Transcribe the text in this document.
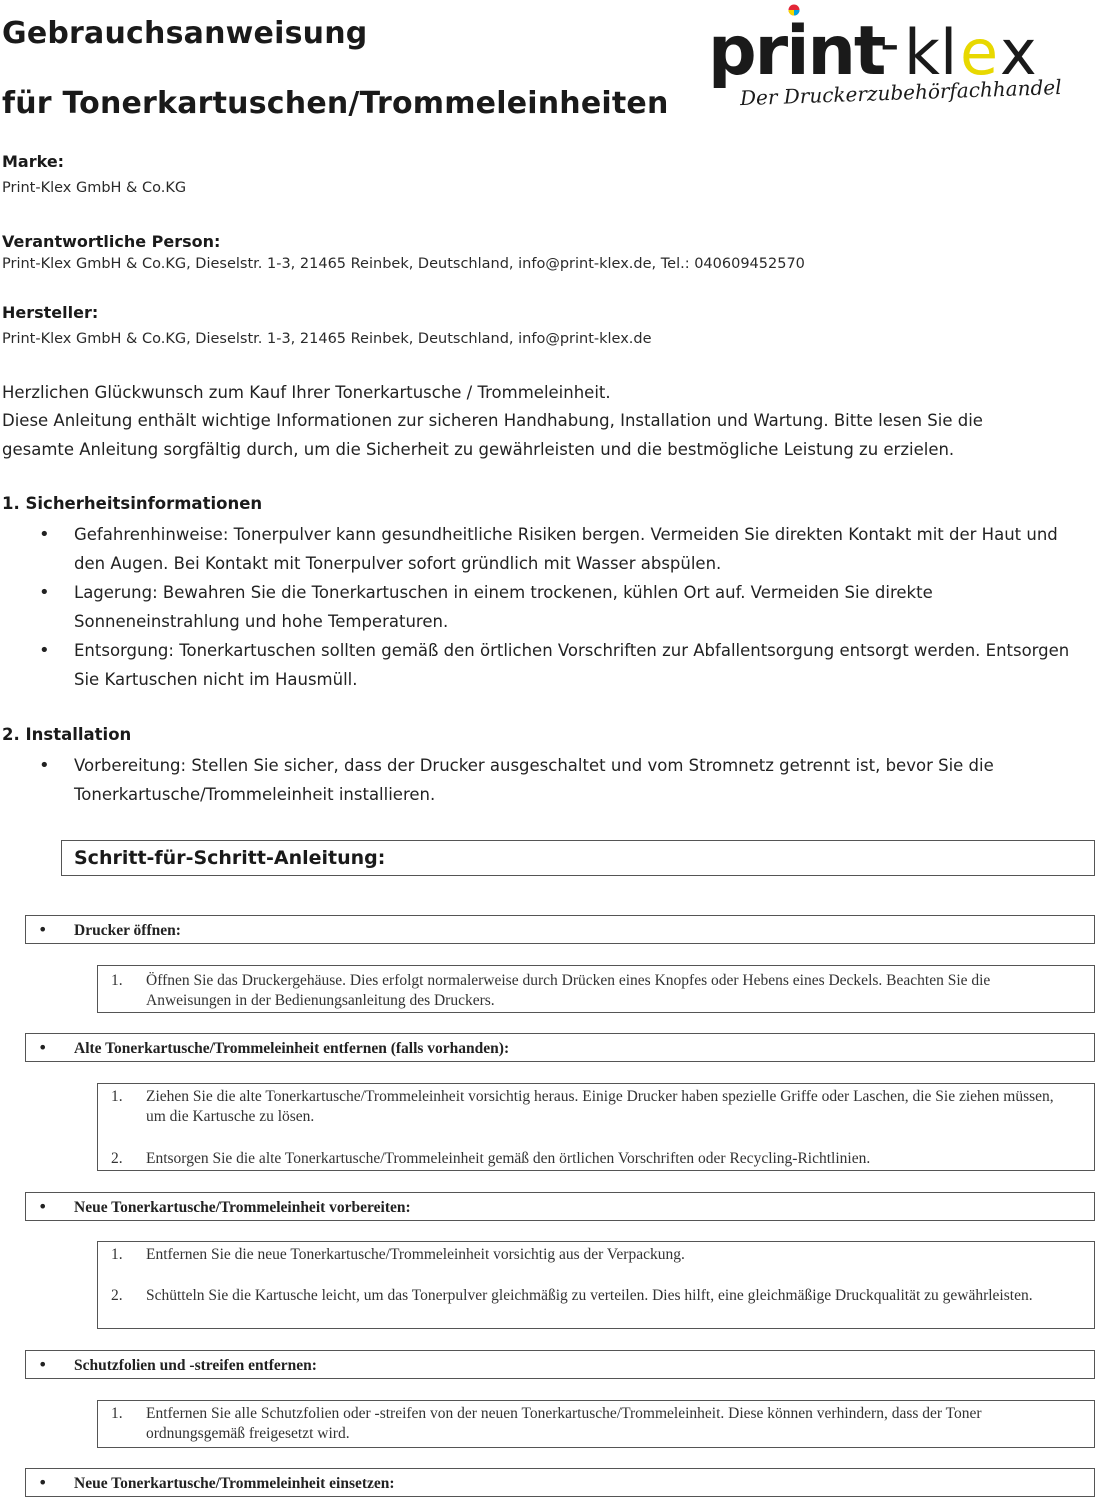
Gebrauchsanweisung
für Tonerkartuschen/Trommeleinheiten
print
- k l e x
Der Druckerzubehörfachhandel
Marke:
Print-Klex GmbH & Co.KG
Verantwortliche Person:
Print-Klex GmbH & Co.KG, Dieselstr. 1-3, 21465 Reinbek, Deutschland, info@print-klex.de, Tel.: 040609452570
Hersteller:
Print-Klex GmbH & Co.KG, Dieselstr. 1-3, 21465 Reinbek, Deutschland, info@print-klex.de
Herzlichen Glückwunsch zum Kauf Ihrer Tonerkartusche / Trommeleinheit.
Diese Anleitung enthält wichtige Informationen zur sicheren Handhabung, Installation und Wartung. Bitte lesen Sie die gesamte Anleitung sorgfältig durch, um die Sicherheit zu gewährleisten und die bestmögliche Leistung zu erzielen.
1. Sicherheitsinformationen
• Gefahrenhinweise: Tonerpulver kann gesundheitliche Risiken bergen. Vermeiden Sie direkten Kontakt mit der Haut und den Augen. Bei Kontakt mit Tonerpulver sofort gründlich mit Wasser abspülen.
• Lagerung: Bewahren Sie die Tonerkartuschen in einem trockenen, kühlen Ort auf. Vermeiden Sie direkte Sonneneinstrahlung und hohe Temperaturen.
• Entsorgung: Tonerkartuschen sollten gemäß den örtlichen Vorschriften zur Abfallentsorgung entsorgt werden. Entsorgen Sie Kartuschen nicht im Hausmüll.
2. Installation
• Vorbereitung: Stellen Sie sicher, dass der Drucker ausgeschaltet und vom Stromnetz getrennt ist, bevor Sie die Tonerkartusche/Trommeleinheit installieren.
Schritt-für-Schritt-Anleitung:
• Drucker öffnen:
1. Öffnen Sie das Druckergehäuse. Dies erfolgt normalerweise durch Drücken eines Knopfes oder Hebens eines Deckels. Beachten Sie die Anweisungen in der Bedienungsanleitung des Druckers.
• Alte Tonerkartusche/Trommeleinheit entfernen (falls vorhanden):
1. Ziehen Sie die alte Tonerkartusche/Trommeleinheit vorsichtig heraus. Einige Drucker haben spezielle Griffe oder Laschen, die Sie ziehen müssen, um die Kartusche zu lösen.
2. Entsorgen Sie die alte Tonerkartusche/Trommeleinheit gemäß den örtlichen Vorschriften oder Recycling-Richtlinien.
• Neue Tonerkartusche/Trommeleinheit vorbereiten:
1. Entfernen Sie die neue Tonerkartusche/Trommeleinheit vorsichtig aus der Verpackung.
2. Schütteln Sie die Kartusche leicht, um das Tonerpulver gleichmäßig zu verteilen. Dies hilft, eine gleichmäßige Druckqualität zu gewährleisten.
• Schutzfolien und -streifen entfernen:
1. Entfernen Sie alle Schutzfolien oder -streifen von der neuen Tonerkartusche/Trommeleinheit. Diese können verhindern, dass der Toner ordnungsgemäß freigesetzt wird.
• Neue Tonerkartusche/Trommeleinheit einsetzen:
